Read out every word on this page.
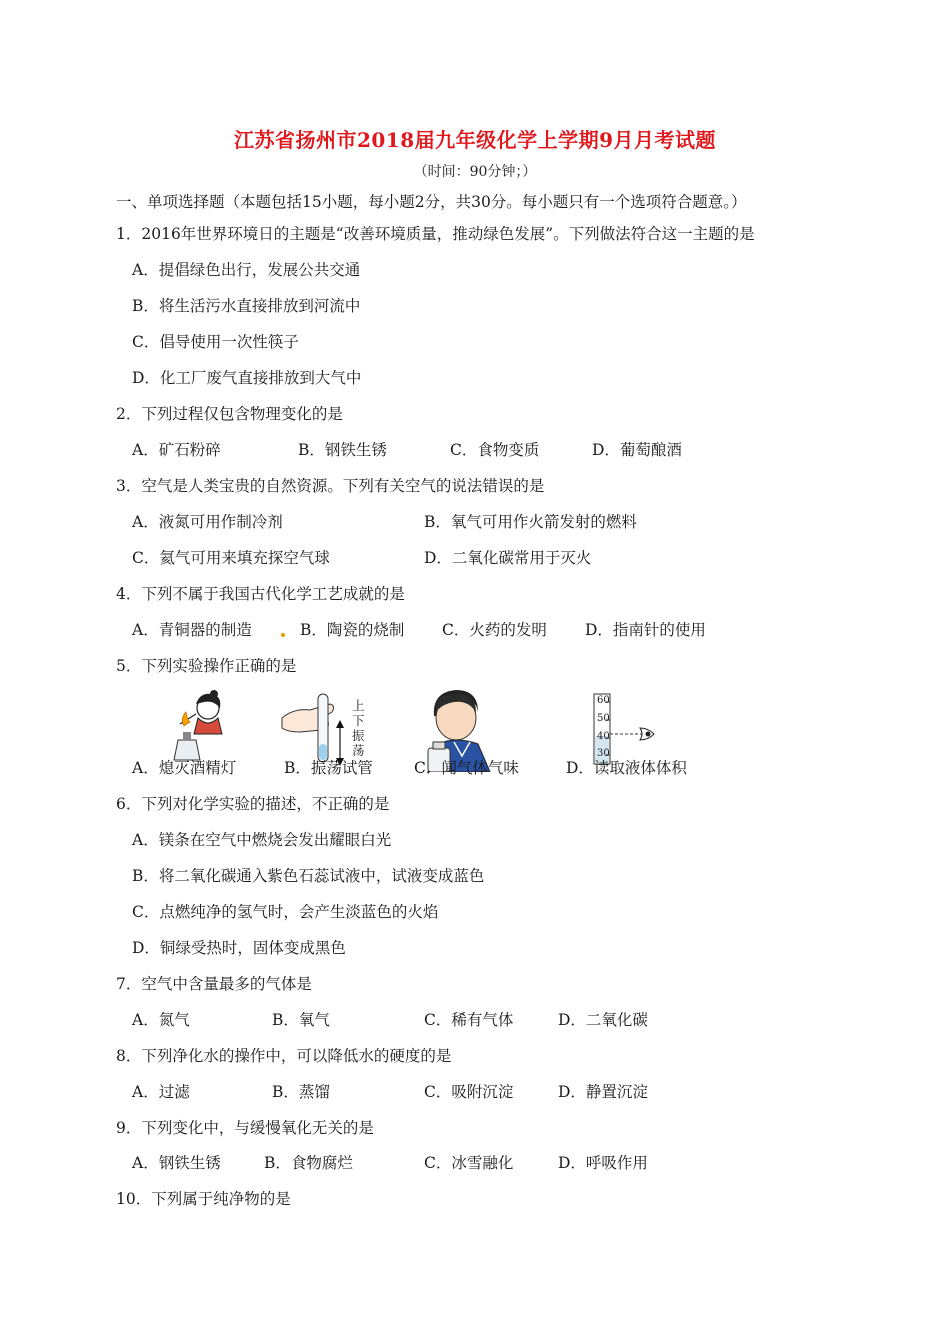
江苏省扬州市2018届九年级化学上学期9月月考试题
（时间：90分钟；）
一、单项选择题（本题包括15小题，每小题2分，共30分。每小题只有一个选项符合题意。）
1．2016年世界环境日的主题是“改善环境质量，推动绿色发展”。下列做法符合这一主题的是
A．提倡绿色出行，发展公共交通
B．将生活污水直接排放到河流中
C．倡导使用一次性筷子
D．化工厂废气直接排放到大气中
2．下列过程仅包含物理变化的是
A．矿石粉碎	B．钢铁生锈	C．食物变质	D．葡萄酿酒
3．空气是人类宝贵的自然资源。下列有关空气的说法错误的是
A．液氮可用作制冷剂	B．氧气可用作火箭发射的燃料
C．氦气可用来填充探空气球	D．二氧化碳常用于灭火
4．下列不属于我国古代化学工艺成就的是
A．青铜器的制造	B．陶瓷的烧制 C．火药的发明 D．指南针的使用
5．下列实验操作正确的是
上下振荡
60
50
40
30
A．熄灭酒精灯	B．振荡试管	C．闻气体气味	D．读取液体体积
6．下列对化学实验的描述，不正确的是
A．镁条在空气中燃烧会发出耀眼白光
B．将二氧化碳通入紫色石蕊试液中，试液变成蓝色
C．点燃纯净的氢气时，会产生淡蓝色的火焰
D．铜绿受热时，固体变成黑色
7．空气中含量最多的气体是
A．氮气	B．氧气	C．稀有气体	D．二氧化碳
8．下列净化水的操作中，可以降低水的硬度的是
A．过滤	B．蒸馏	C．吸附沉淀	D．静置沉淀
9．下列变化中，与缓慢氧化无关的是
A．钢铁生锈	B．食物腐烂	C．冰雪融化	D．呼吸作用
10．下列属于纯净物的是
